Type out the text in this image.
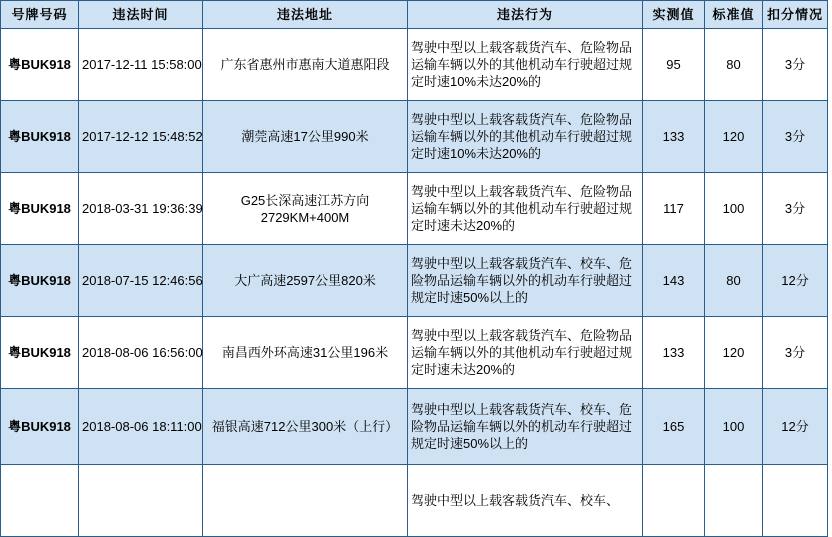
号牌号码	违法时间	违法地址	违法行为	实测值	标准值	扣分情况
粤BUK918	2017-12-11 15:58:00	广东省惠州市惠南大道惠阳段	驾驶中型以上载客载货汽车、危险物品运输车辆以外的其他机动车行驶超过规定时速10%未达20%的	95	80	3分
粤BUK918	2017-12-12 15:48:52	潮莞高速17公里990米	驾驶中型以上载客载货汽车、危险物品运输车辆以外的其他机动车行驶超过规定时速10%未达20%的	133	120	3分
粤BUK918	2018-03-31 19:36:39	G25长深高速江苏方向2729KM+400M	驾驶中型以上载客载货汽车、危险物品运输车辆以外的其他机动车行驶超过规定时速未达20%的	117	100	3分
粤BUK918	2018-07-15 12:46:56	大广高速2597公里820米	驾驶中型以上载客载货汽车、校车、危险物品运输车辆以外的机动车行驶超过规定时速50%以上的	143	80	12分
粤BUK918	2018-08-06 16:56:00	南昌西外环高速31公里196米	驾驶中型以上载客载货汽车、危险物品运输车辆以外的其他机动车行驶超过规定时速未达20%的	133	120	3分
粤BUK918	2018-08-06 18:11:00	福银高速712公里300米（上行）	驾驶中型以上载客载货汽车、校车、危险物品运输车辆以外的机动车行驶超过规定时速50%以上的	165	100	12分
			驾驶中型以上载客载货汽车、校车、			
